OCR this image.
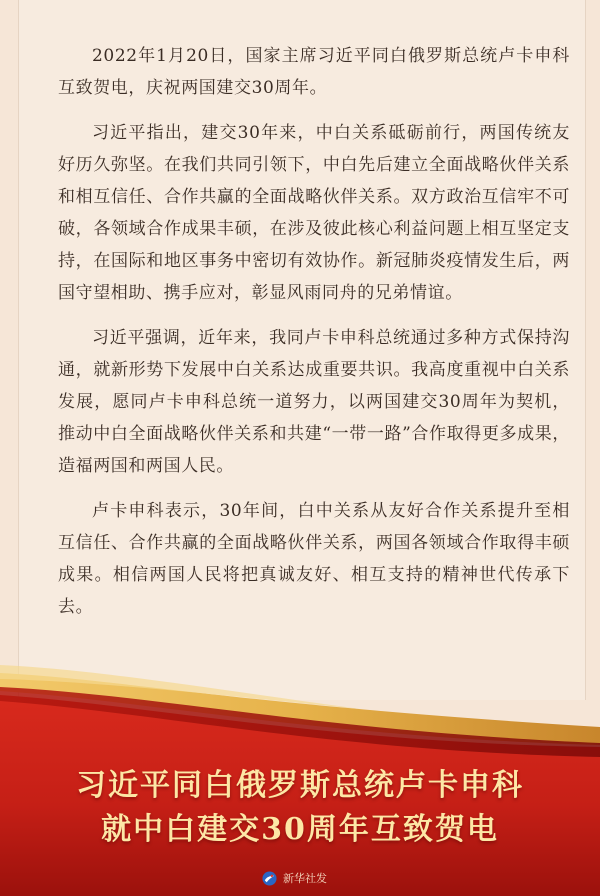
2022年1月20日，国家主席习近平同白俄罗斯总统卢卡申科互致贺电，庆祝两国建交30周年。

习近平指出，建交30年来，中白关系砥砺前行，两国传统友好历久弥坚。在我们共同引领下，中白先后建立全面战略伙伴关系和相互信任、合作共赢的全面战略伙伴关系。双方政治互信牢不可破，各领域合作成果丰硕，在涉及彼此核心利益问题上相互坚定支持，在国际和地区事务中密切有效协作。新冠肺炎疫情发生后，两国守望相助、携手应对，彰显风雨同舟的兄弟情谊。

习近平强调，近年来，我同卢卡申科总统通过多种方式保持沟通，就新形势下发展中白关系达成重要共识。我高度重视中白关系发展，愿同卢卡申科总统一道努力，以两国建交30周年为契机，推动中白全面战略伙伴关系和共建“一带一路”合作取得更多成果，造福两国和两国人民。

卢卡申科表示，30年间，白中关系从友好合作关系提升至相互信任、合作共赢的全面战略伙伴关系，两国各领域合作取得丰硕成果。相信两国人民将把真诚友好、相互支持的精神世代传承下去。

习近平同白俄罗斯总统卢卡申科
就中白建交30周年互致贺电
新华社发
